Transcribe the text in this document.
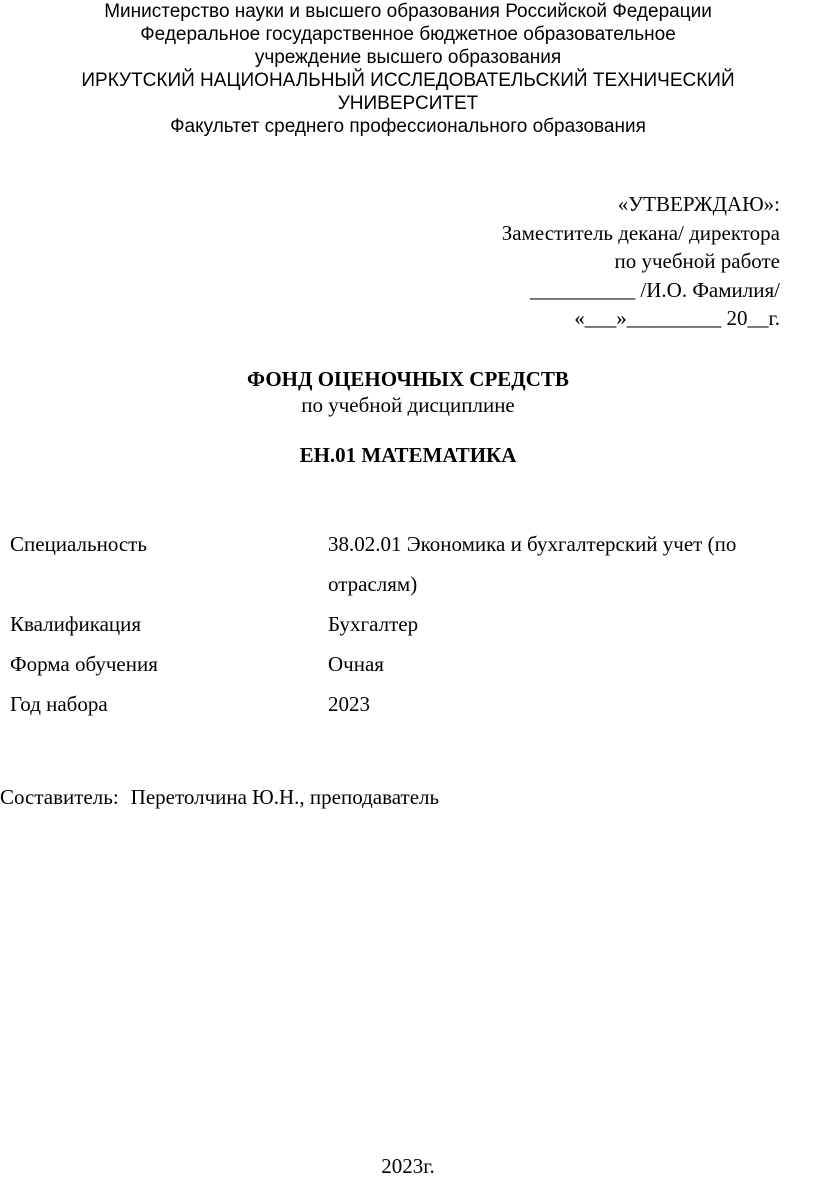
Министерство науки и высшего образования Российской Федерации
Федеральное государственное бюджетное образовательное
учреждение высшего образования
ИРКУТСКИЙ НАЦИОНАЛЬНЫЙ ИССЛЕДОВАТЕЛЬСКИЙ ТЕХНИЧЕСКИЙ
УНИВЕРСИТЕТ
Факультет среднего профессионального образования
«УТВЕРЖДАЮ»:
Заместитель декана/ директора
по учебной работе
__________ /И.О. Фамилия/
«___»_________ 20__г.
ФОНД ОЦЕНОЧНЫХ СРЕДСТВ
по учебной дисциплине
ЕН.01 МАТЕМАТИКА
Специальность	38.02.01 Экономика и бухгалтерский учет (по отраслям)
Квалификация	Бухгалтер
Форма обучения	Очная
Год набора	2023
Составитель: Перетолчина Ю.Н., преподаватель
2023г.
